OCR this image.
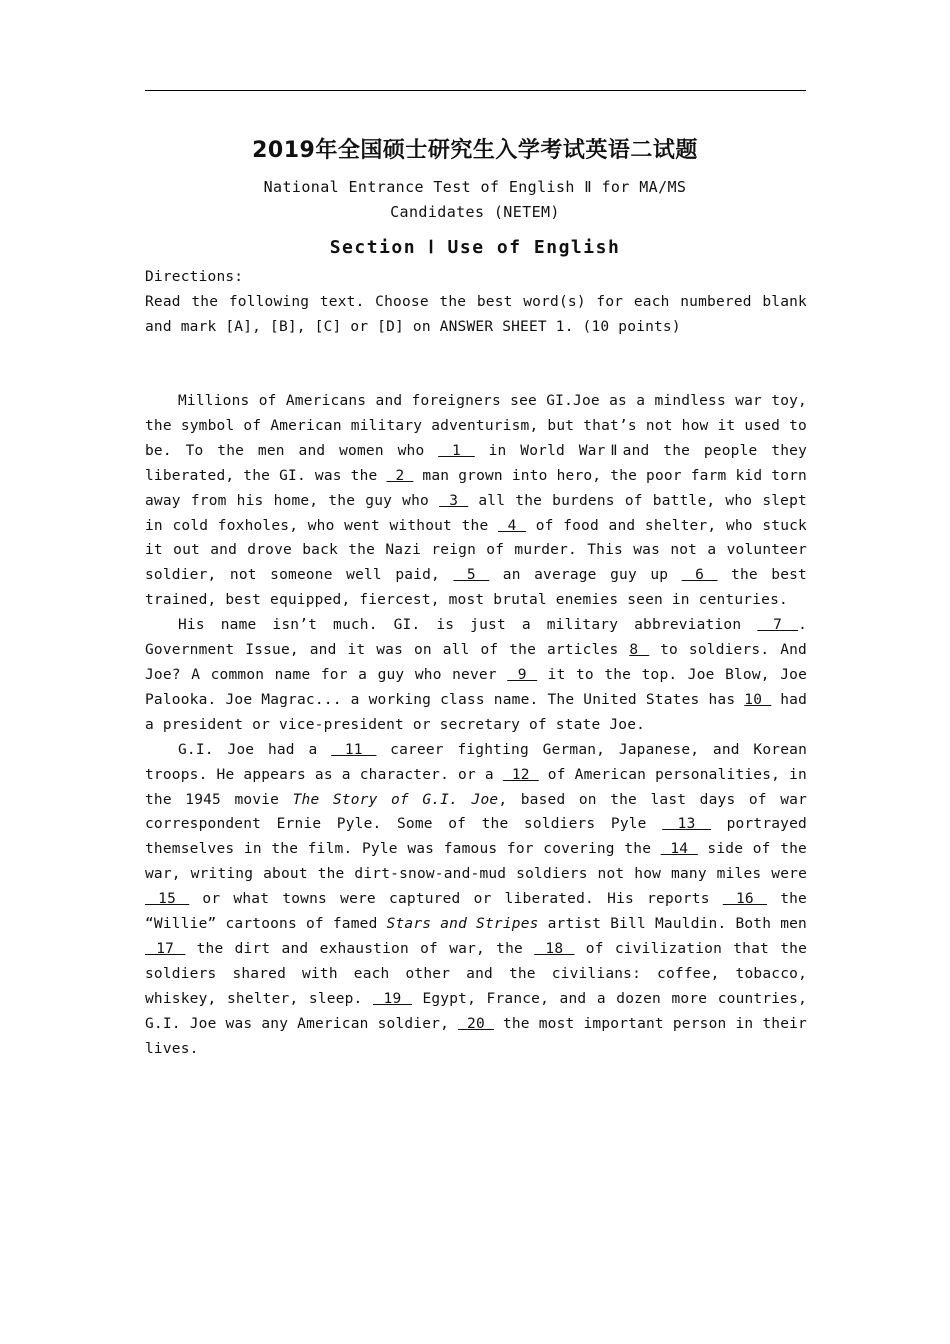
2019年全国硕士研究生入学考试英语二试题
National Entrance Test of English Ⅱ for MA/MS
Candidates (NETEM)
Section Ⅰ Use of English
Directions:
Read the following text. Choose the best word(s) for each numbered blank and mark [A], [B], [C] or [D] on ANSWER SHEET 1. (10 points)

Millions of Americans and foreigners see GI.Joe as a mindless war toy, the symbol of American military adventurism, but that’s not how it used to be. To the men and women who  1  in World WarⅡand the people they liberated, the GI. was the  2  man grown into hero, the poor farm kid torn away from his home, the guy who  3  all the burdens of battle, who slept in cold foxholes, who went without the  4  of food and shelter, who stuck it out and drove back the Nazi reign of murder. This was not a volunteer soldier, not someone well paid,  5  an average guy up  6  the best trained, best equipped, fiercest, most brutal enemies seen in centuries.

His name isn’t much. GI. is just a military abbreviation  7 . Government Issue, and it was on all of the articles 8  to soldiers. And Joe? A common name for a guy who never  9  it to the top. Joe Blow, Joe Palooka. Joe Magrac... a working class name. The United States has 10  had a president or vice-president or secretary of state Joe.

G.I. Joe had a  11  career fighting German, Japanese, and Korean troops. He appears as a character. or a  12  of American personalities, in the 1945 movie The Story of G.I. Joe, based on the last days of war correspondent Ernie Pyle. Some of the soldiers Pyle  13  portrayed themselves in the film. Pyle was famous for covering the  14  side of the war, writing about the dirt-snow-and-mud soldiers not how many miles were  15  or what towns were captured or liberated. His reports  16  the “Willie” cartoons of famed Stars and Stripes artist Bill Mauldin. Both men  17  the dirt and exhaustion of war, the  18  of civilization that the soldiers shared with each other and the civilians: coffee, tobacco, whiskey, shelter, sleep.  19  Egypt, France, and a dozen more countries, G.I. Joe was any American soldier,  20  the most important person in their lives.
